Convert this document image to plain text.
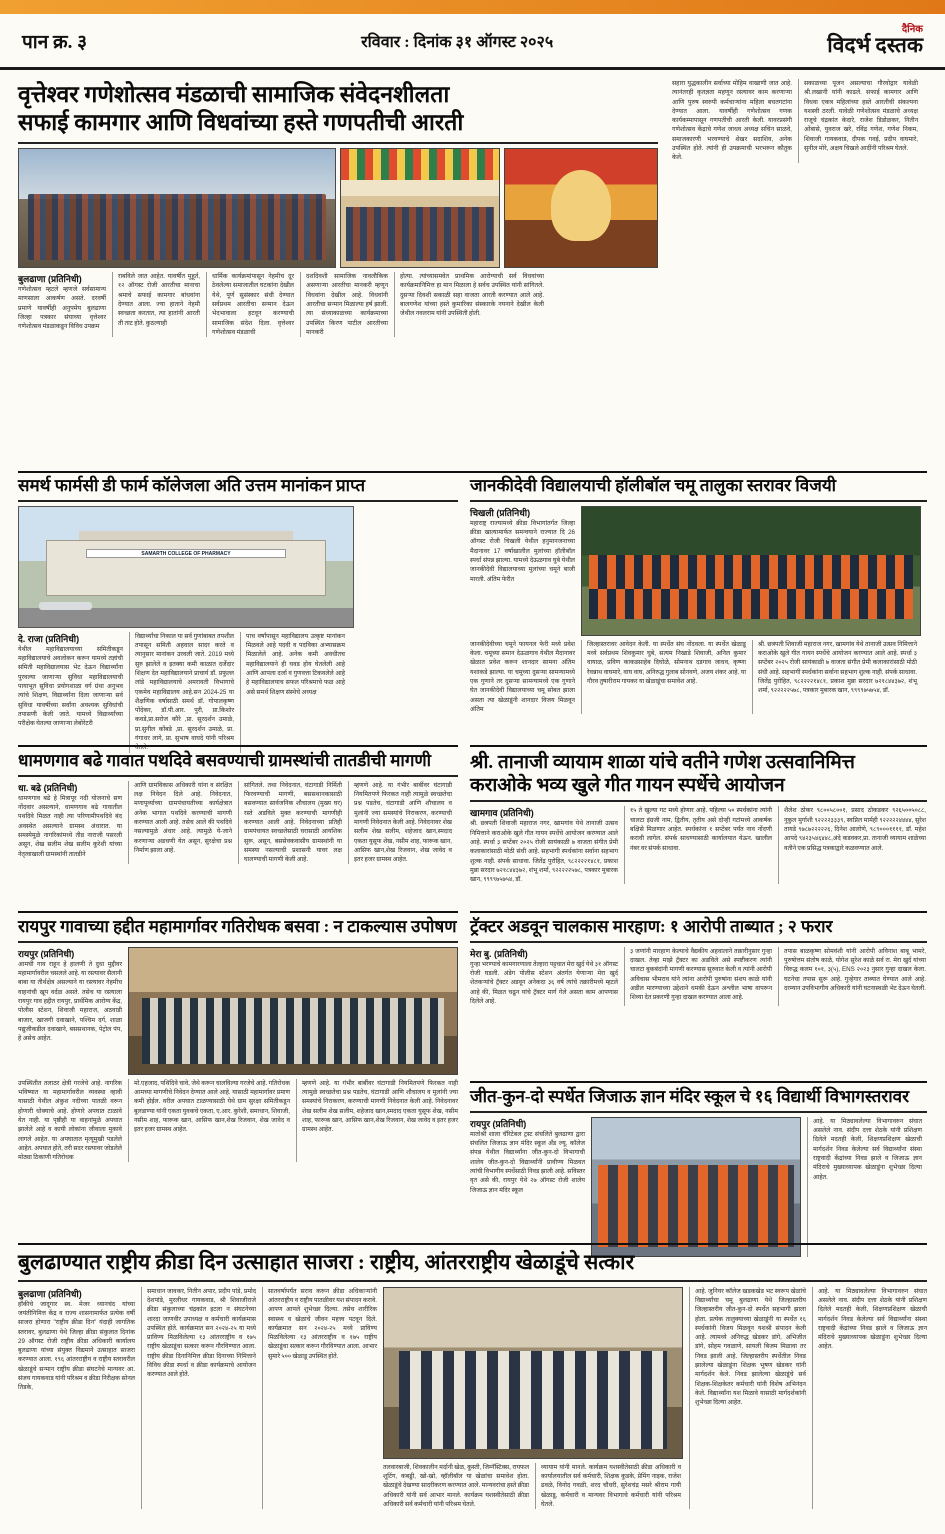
पान क्र. ३	रविवार : दिनांक ३१ ऑगस्ट २०२५
दैनिक
विदर्भ दस्तक
वृत्तेश्वर गणेशोत्सव मंडळाची सामाजिक संवेदनशीलता
सफाई कामगार आणि विधवांच्या हस्ते गणपतीची आरती
बुलढाणा (प्रतिनिधी)
गणेशोत्सव म्हटले म्हणजे सर्वसामान्य माणसाला आकर्षण असते. दरवर्षी प्रमाणे यावर्षीही अनुपमेय बुलढाणा जिल्हा पत्रकार संघाच्या वृत्तेश्वर गणेशोत्सव मंडळाकडून विविध उपक्रम
राबविले जात आहेत. यावर्षीत मुहूर्त, १२ ऑगस्ट रोजी आरतीचा मानाचा श्रमाचे सफाई कामगार बांधवांना देण्यात आला. ज्या हाताने नेहमी स्वच्छता करतात, त्या हातांनी आरती ती ताट होते. कुठल्याही
धार्मिक कार्यक्रमांपासून नेहमीच दूर ठेवलेल्या समाजातील घटकांना देखील येथे, पूर्ण सुसंस्कार संधी देण्यात सर्वप्रथम आरतीचा सन्मान देऊन भेदभावाला हटवून करण्याची सामाजिक संदेश दिला. वृत्तेश्वर गणेशोत्सव मंडळाची
दशदिवशी सामाजिक नावलौकिक असणाऱ्या आरतीचा मानकरी म्हणून विधवांना देखील आहे. विधवांनी आरतीचा सन्मान मिळाल्या हर्ष झाली. त्या संध्याकाळच्या कार्यक्रमाच्या उपस्थित किरण पाटील आरतीच्या मानकरी
होत्या. त्यांच्यासमवेत प्राथमिक आरोग्याची सर्व विधवांच्या कार्यक्रमानिमित्त हा मान मिळाला हे सर्वच उपस्थित यांनी सांगितले. दुसऱ्या दिवशी सकाळी सहा वाजता आरती करण्यात आले आहे. बालगणेश यांच्या हस्ते कुमारिका संस्कारके नयनाने देखील केली जेथील नवलराम यांनी उपस्थिती होती.
सहारा युद्धकालीन सर्वाच्या मोहिम वाखाणी जात आहे. त्यानंतरही कृतज्ञता महणून रस्त्यावर काम करणाऱ्या आणि पुरुष स्वरुपी कर्मचाऱ्यांना महिला बचतगटांना देण्यात आला. यावर्षीही गणेशोत्सव गणक कार्यकम्मापासून गणपतीची आरती केली. यावरप्रसंगी गणेशोत्सव केंद्राचे गणेश जाधव अध्यक्ष सचिन साळवे, समाजकारणी भरवण्याचे शेखर सदाशिव, अनेक उपस्थित होते. त्यांनी ही उपक्रमाची भरभरून कौतुक केले.
सकाळच्या पूजन असल्याचा गौरवोद्गार यावेळी श्री.लखानी यांनी काढले. सफाई कामगार आणि विधवा एकत्र महिलांच्या हस्ते आरतीची संकल्पना यशस्वी ठरली. यावेळी गणेशोत्सव मंडळाचे अध्यक्ष राजूचे चंद्रकांत केदारे, राजेश डिडोळकर, नितीन ओंबासे, युवराज खरे, रविंद्र गणेश, गणेश निकम, शिवाजी गायकवाड, दीपक गवई, प्रदीप वाघमारे, सुनील मोरे, अक्षय चिखले आदींनी परिश्रम घेतले.
समर्थ फार्मसी डी फार्म कॉलेजला अति उत्तम मानांकन प्राप्त
SAMARTH COLLEGE OF PHARMACY
दे. राजा (प्रतिनिधी)
येथील महाविद्यालयाच्या समितीकडून महाविद्यालयाचे अवलोकन करून यामध्ये तज्ञांची समिती महाविद्यालयास भेट देऊन विद्यार्थ्यांना पुरवल्या जाणाऱ्या सुविधा महाविद्यालयाची पायाभूत सुविधा प्रयोगशाळा वर्ग ग्रंथा अनुभव त्यांचे शिक्षण, विद्यार्थ्यांना दिला जाणाऱ्या सर्व सुविधा यावर्षीच्या सर्वांना अवश्यक सुविधांची तपासणी केली जाते. यामध्ये विद्यार्थ्यांच्या परीक्षेक घेतल्या जाणाऱ्या लेबोरेटरी
विद्यार्थ्यांचा निकाल या सर्व गुणांबाबत तपशील तपासून समिती अहवाल सादर करते व त्यानुसार मानांकन उरवली जाते. 2019 मध्ये सुरु झालेले व इतक्या कमी काळात दर्जेदार शिक्षण देत महाविद्यालयाने प्राचार्य डॉ. प्रफुल्ल लांडे महाविद्यालयाचे अमरावती विभागाचे एकमेव महाविद्यालय आहे.सन 2024-25 या शैक्षणिक वर्षासाठी समर्थ डॉ. गोपालकृष्ण पोंदेकर, डॉ.पी.आर. पुरी, प्रा.किशोर कवडे,प्रा.सरोज कौरे ,प्रा. सुरदर्शन उमाळे, प्रा.सुनील कोंबडे ,प्रा. सुरदर्शन उमाळे, प्रा. गंगाधर लागे, प्रा. सुभाष वाघदे यांनी परिश्रम घेतले.
पाच वर्षांपासून महाविद्यालय उत्कृष्ट मानांकन मिळवले आहे पदवी व पदविका अभ्यासक्रम मिळालेले आहे. अनेक कमी अवधीतच महाविद्यालयाने ही घवड होय घेतलेली आहे आणि आपला दर्जा व गुणवत्ता टिकवलेले आहे हे महाविद्यालयाच सफल परिश्रमाचे फळ आहे असे समर्थ शिक्षण संस्थेचे अध्यक्ष
जानकीदेवी विद्यालयाची हॉलीबॉल चमू तालुका स्तरावर विजयी
चिखली (प्रतिनिधी)
महाराष्ट्र राज्यामध्ये क्रीडा विभागांतर्गत जिल्हा क्रीडा खात्यामार्फत समन्वयाने राज्यात दि 26 ऑगस्ट रोजी चिखली येथील हनुमानजनाच्या मैदानावर 17 वर्षाखालील मुलांच्या हॉलीबॉल स्पर्धा संपन्न झाल्या. यामध्ये देऊळगाव घुबे येथील जानकीदेवी विद्यालयाच्या मुलांच्या चमूने बाजी मारली. अंतिम फेरीत
जानकीदेवीच्या चमूने फायनल फेरी मध्ये प्रवेश केला. चमूच्या समान देऊळगाव येथील मैदानावर खेळात प्रवेश करून शानदार सामना अंतिम यशाकडे झाल्या. या चमूच्या दुसऱ्या सामन्यामध्ये एक गुणाने तर दुसऱ्या सामन्यामध्ये एक गुणाने घेत जानकीदेवी विद्यालयाच्या चमू सोबत झाला असता त्या खेळाडूंनी शानदार विजय मिळवून अंतिम
जिल्हास्तरावर आवेदन केली. या स्पर्धेत संघ नोंदवला. या स्पर्धेत खेळाडू मध्ये सर्वप्रथम शिवकुमार घुबे, सत्यम निखाडे शिवाजी, अनिल कुमार वायाळ, प्रविण काकडसाहेब दिघोळे, सोमनाथ दडगाव जाधव, कृष्णा रेवन्नाथ वाघमारे, वाघ वाघ, अनिरुद्ध गुलाब सोनवणे, अजय शंकर आहे. या गौरव तुषारीराम गायकर या खेळाडूंचा समावेश आहे.
श्री. छत्रपती शिवाजी महाराज नगर, खामगांव येथे तानाजी उत्सव निमित्ताने कराओके खुले गीत गायन स्पर्धेचे आयोजन करण्यात आले आहे. स्पर्धा ३ सप्टेंबर २०२५ रोजी सायंकाळी ७ वाजता संगीत प्रेमी कलाकारांसाठी मोठी संधी आहे. सहभागी स्पर्धकांना सर्वाना सहभाग शुल्क नाही. संपर्क साधावा. जितेंद्र पुरोहित, ९८२२२२१४८१, प्रकाश मुन्ना सरदार ७२१८४४३७२, शंभू शर्मा, ९२२२२२५७८, पत्रकार मुबारक खान, ९९९९७५७५४, डॉ.
धामणगाव बढे गावात पथदिवे बसवण्याची ग्रामस्थांची तातडीची मागणी
धा. बढे (प्रतिनिधी)
धामणगाव बढे हे मित्रापूर नदी योजनाचे सण नोंदवार असल्याने, धामणगाव बढे गावातील पथदिवे मिळत नाही त्या परिणामीपथदिवे बंद अवस्थेत असल्याने ग्रामस्थ अंधारात. या समस्येमुळे नागरिकांमध्ये तीव्र नाराजी पसरली असून, शेख सलीम शेख सलीम कुरेशी यांच्या नेतृत्वाखाली ग्रामस्थांनी तातडीने
आणि ग्रामविकास अधिकारी यांना व संरक्षित लक्ष निवेदन दिले आहे. निवेदनात, मणापूर्व्याच्या ग्रामपंचायतीच्या कार्यक्षेत्रात अनेक भागात पथदिवे करण्याची मागणी करण्यात आली आहे. तसेच आले की पथदिवे नसल्यामुळे अंधार आहे. त्यामुळे ये-जाने करणाऱ्या अडचणी येत असून, सुरक्षेचा प्रश्न निर्माण झाला आहे.
सांगितले. तथा निवेदनात, घंटागाडी निर्मिती फिरवण्याची मागणी, बससथानकासाठी बसवण्यात सार्वजनिक शौचालय (मुख्य घर) रस्ते अडविले मुक्त करण्याची मागणीही करण्यात आली आहे. निवेदनाच्या प्रतिही ग्रामपंचायत स्वच्छतेसाठी घरासाठी आयशिक सुरू, असून, बससेवकवासीय ग्रामस्थांनी या समस्या नसल्याची प्रशासनी यावर लक्ष घालण्याची मागणी केली आहे.
म्हणणे आहे. या गंभीर बाबींवर घंटागाडी नियमितपणे फिरकत नाही त्यामुळे स्वच्छतेचा प्रश्न पडतेच, घंटागाडी आणि शौचालय व मुलांनी ज्या समस्यांचे निराकरण, करण्याची मागणी निवेदनात केली आहे. निवेदनावर शेख सलीम शेख सलीम, शहेजाद खान,स्मदाद एकता युसूफ शेख, नसीम शाह, फारूक खान, आसिफ खान,शेख रिजवान, शेख जावेद व इतर हजर ग्रामस्थ आहेत.
श्री. तानाजी व्यायाम शाळा यांचे वतीने गणेश उत्सवानिमित्त
कराओके भव्य खुले गीत गायन स्पर्धेचे आयोजन
खामगाव (प्रतिनिधी)
श्री. छत्रपती शिवाजी महाराज नगर, खामगांव येथे तानाजी उत्सव निमित्ताने कराओके खुले गीत गायन स्पर्धेचे आयोजन करण्यात आले आहे. स्पर्धा ३ सप्टेंबर २०२५ रोजी सायंकाळी ७ वाजता संगीत प्रेमी कलाकारांसाठी मोठी संधी आहे. सहभागी स्पर्धकांना सर्वाना सहभाग शुल्क नाही. संपर्क साधावा. जितेंद्र पुरोहित, ९८२२२२१४८१, प्रकाश मुन्ना सरदार ७२१८४४३७२, शंभू शर्मा, ९२२२२२५७८, पत्रकार मुबारक खान, ९९९९७५७५४, डॉ.
१५ ते खुल्या गट मध्ये होणार आहे. पहिल्या ५० स्पर्धकांना त्यांनी चालटा इंग्रजी नाम, द्वितीय, तृतीय असे दोन्ही गटांमध्ये आकर्षक बक्षिसे मिळणार आहेत. स्पर्धकांना १ सप्टेंबर पर्यंत नाव नोंदणी करावी लागेल. संपर्क साधण्यासाठी कार्यालयात येऊन. खालील नंबर वर संपर्क साधावा.
शैलेश ठोकर ९८००५८००१, प्रसाद ठोकडकर ९२६५००५०८८, नुकुल मुर्गाशी ९२२२२३३३९, स्वप्निल मार्मही ९२२२२२४४४४, सुरेश तायडे ९७८७२२२२२६, दिनेश आलोणे, ९८९०००११११, डॉ. महेश आपदे ९४२३५४६४४८,अंदे कडवकर,प्रा. तानाजी व्यायाम शाळेच्या वतीने एक प्रसिद्ध पत्रकाद्वारे कळवण्यात आले.
रायपुर गावाच्या हद्दीत महामार्गावर गतिरोधक बसवा : न टाकल्यास उपोषण
रायपुर (प्रतिनिधी)
आमची गाव राहून हे हालणी ते दुधा मुद्दीवर महामार्गावरील चसलले आहे. या रस्त्यावर सैलानी बाबा या तीर्थक्षेत्र असल्याने या रस्त्यावर नेहमीच वाहनांची खूप वर्दळ असते. तसेच या रस्त्याला रायपुर गाव हद्दीत रायपुर, प्रार्थमिक आरोग्य केंद्र, पोलीस स्टेशन, शिवाजी महाराज, अठवाडी बाजार, खाजगी दवाखाने, पश्चिम दर्ग, शाळा पद्युजीकडील दवाखाने, बससथानक, पेट्रोल पंप, हे असेच आहेत.
उपस्थितीत तलाठर क्षेत्री गरजेचे आहे. नागरिक भविष्यात या महामार्गावरील व्यवस्था व्हावी यासाठी येथील अंकुश नदीच्या पातळी वरून होणारी धोक्याचे आहे. होणारे अपघात टाळावे येत नाही. या पृष्ठीही या वाहनांमुळे अपघात झालेले आहे व कायी लोकांना जीवाला मुकावे लागले आहेत. या अपघातात मृत्यूमुखी पडलेले आहेत. अपघात होते, तरी सदर रस्त्यावर जोडलेले मोठ्या ठिकाणी गतिरोधक
मो.एहजाद, पथिदिवे चावे, जेथे करून चालविल्या गरजेचे आहे. गतिरोधक आमच्या मागणीचे निवेदन देण्यात आले आहे. यासाठी महामार्गावर प्रमाण कमी होईल. वरील अपघात टाळण्यासाठी येथे ग्राम सुरक्षा समितीकडून बुलडाण्या यांनी एकता युवकचे एकता, ए.आर. कुरेशी, समाधान, शिवाजी, नसीम शाह, फारूक खान, आसिफ खान,शेख रिजवान, शेख जावेद व इतर हजर ग्रामस्थ आहेत.
म्हणणे आहे. या गंभीर बाबींवर घंटागाडी नियमितपणे फिरकत नाही त्यामुळे स्वच्छतेचा प्रश्न पडतेच, घंटागाडी आणि शौचालय व मुलांनी ज्या समस्यांचे निराकरण, करण्याची मागणी निवेदनात केली आहे. निवेदनावर शेख सलीम शेख सलीम, शहेजाद खान,स्मदाद एकता युसूफ शेख, नसीम शाह, फारूक खान, आसिफ खान,शेख रिजवान, शेख जावेद व इतर हजर ग्रामस्थ आहेत.
ट्रॅक्टर अडवून चालकास मारहाण: १ आरोपी ताब्यात ; २ फरार
मेरा बु. (प्रतिनिधी)
गुन्हा भरण्याचे कामगारणाला तेल्हारा पट्टचात मेरा खुर्द येथे ३१ ऑगस्ट रोजी घडली. अंडेग पोलीस स्टेशन अंतर्गत येणाऱ्या मेरा खुर्द शेतकऱ्यांचे ट्रॅक्टर अडवून अनेकदा ३६ वर्ष त्यांचे तक्रारीमध्ये म्हटले आहे की, मिळत चढून यांचे ट्रॅक्टर मार्ग गेले असता काम आपणास दिलेले आहे.
३ जणांनी मारहाण केल्याचे वैद्यकीय अहवालाने तक्रारीनुसार गुन्हा दाखल. तेव्हा माझे ट्रॅक्टर का अडविले असे स्पष्टीकरण त्यांनी चालटा बुकबंदांनी मागणी करण्यास सुरुवात केली व त्यांनी आरोपी अविचास भीमराव यांने त्यांना आरोपी पुरुषांना संशय काळे यांनी अडील मारण्याच्या उद्देशाने धमकी देऊन अश्लील भाषा वापरून शिव्या देत प्रकरणी गुन्हा दाखल करण्यात आला आहे.
तपास बाळकृष्ण सोमवंशी यांनी आरोपी अविनाश बाबू भामरे, पुरुषोत्तम संतोष काळे, योगेश सुरेश काळे सर्व रा. मेरा खुर्द यांच्या विरुद्ध कलम १०१, ३(५), ENS २०२३ नुसार गुन्हा दाखल केला. घटनेचा तपास सुरू आहे. गुन्हेगार ताब्यात घेण्यात आले आहे. दरम्यान उपविभागीय अधिकारी यांनी घटनास्थळी भेट देऊन घेतली.
जीत-कुन-दो स्पर्धेत जिजाऊ ज्ञान मंदिर स्कूल चे १६ विद्यार्थी विभागस्तरावर
रायपुर (प्रतिनिधी)
मातोश्री शाला चॅरिटेबल ट्रस्ट संचलिते बुलढाणा द्वारा संचलित जिजाऊ ज्ञान मंदिर स्कूल अँड ज्यू. कॉलेज संपन्न येथील विद्यार्थ्यांना जीत-कुन-दो विभागाची शालेय जीत-कुन-दो विद्यार्थ्यांनी प्रावीण्य मिळवत त्यांची विभागीय स्पर्धेसाठी निवड झाली आहे. सविस्तर वृत असे की, रायपुर येथे २७ ऑगस्ट रोजी शालेय जिजाऊ ज्ञान मंदिर स्कूल
आहे. या मिठ्यावलेल्या विभागावरुन संघात असलेले नाव. संदीप दत्ता शेठके यांनी प्रशिक्षण दिलेले मदतही केली, शिक्षणप्रशिक्षण खेळाची मार्गदर्शन निवड केलेल्या सर्व विद्यार्थ्यांना संस्था राष्ट्रवादी केंद्रांच्या निवड झाले व जिजाऊ ज्ञान मंदिराचे मुख्याध्यापक खेळाडूंना शुभेच्छा दिल्या आहेत.
बुलढाण्यात राष्ट्रीय क्रीडा दिन उत्साहात साजरा : राष्ट्रीय, आंतरराष्ट्रीय खेळाडूंचे सत्कार
बुलढाणा (प्रतिनिधी)
हॉकीचे जादूगार स्व. मेजर ध्यानचंद यांच्या जयंतीनिमित्त केंद्र व राज्य शासनामार्फत प्रत्येक वर्षी साजरा होणारा "राष्ट्रीय क्रीडा दिन" यंदाही जागतिक स्तरावर, बुलढाणा येथे जिल्हा क्रीडा संकुलात दिनांक 29 ऑगस्ट रोजी राष्ट्रीय क्रीडा अधिकारी कार्यालय बुलढाणा यांच्या संयुक्त विद्यमाने उत्साहात साजरा करण्यात आला. १९६ आंतरराष्ट्रीय व राष्ट्रीय स्तरावरील खेळाडूंचे सन्मान राष्ट्रीय क्रीडा संघटनेचे मान्यवर आ. संजय गायकवाड यांनी परिश्रम व क्रीडा निरीक्षक सोनल तिडके,
समाधान जावकर, नितीन अपार, प्रदीप पांडे, प्रमोद देशपांडे, मुरलीधर गायकवाड, श्री शिवाजीराजे क्रीडा संकुलाच्या चंद्रकांत इटला न संघटनेच्या शारदा जाणवीर उपाध्यक्ष व कर्मचारी कार्यक्रमास उपस्थित होते. कार्यक्रमात सन २०२४-२५ या मध्ये प्राविण्य मिळविलेल्या १३ आंतरराष्ट्रीय व १७५ राष्ट्रीय खेळाडूंचा सत्कार करून गौरविण्यात आला. राष्ट्रीय क्रीडा दिनानिमित्त क्रीडा दिनाच्या निमित्ताने विविध क्रीडा स्पर्धा व क्रीडा कार्यक्रमाचे आयोजन करण्यात आले होते.
सातवर्षापर्यंत सराव करून क्रीडा अधिकाऱ्यांनी आंतरराष्ट्रीय व राष्ट्रीय पातळीवर यश संपादन करावे. आपण आपले शुभेच्छा दिल्या. तसेच शारीरिक स्वास्थ्य व खेळाचे जीवन महत्त्व पटवून दिले. कार्यक्रमात सन २०२४-२५ मध्ये प्राविण्य मिळविलेल्या १३ आंतरराष्ट्रीय व १७५ राष्ट्रीय खेळाडूंचा सत्कार करून गौरविण्यात आला. आभार सुमारे ५०० खेळाडू उपस्थित होते.
तलवारबाजी, शिवकालीन मर्दानी खेळ, कुस्ती, जिम्नॅस्टिक्स, रायफल शूटिंग, कबड्डी, खो-खो, व्हॉलीबॉल या खेळांचा समावेश होता. खेळाडूंचे देखण्या सादरीकरण करण्यात आले. मान्यवरांचा हस्ते क्रीडा अधिकारी यांनी सर्व आभार मानले. कार्यक्रम यशस्वीतेसाठी क्रीडा अधिकारी सर्व कर्मचारी यांनी परिश्रम घेतले.
व्यायाम यांनी मानले. कार्यक्रम यशस्वीतेसाठी क्रीडा अधिकारी व कार्यालयातील सर्व कर्मचारी, शिक्षक कुडके, प्रेमिंग नाइक, राजेश ढवळे, विनोद गवळी, शरद चौधरी, सुरेशचंद्र मसरे श्रीराम गायी खेळाडू, कर्मचारी व मान्यवर विभागाचे कर्मचारी यांनी परिश्रम घेतले.
आहे. जुनियर कॉलेज खडकखेड भट स्वरूप खेळांचे विद्यार्थ्यांचा चमू बुलढाणा येथे जिल्हास्तरीय जिल्हास्तरीय जीत-कुन-दो स्पर्धेत सहभागी झाला होता. प्रत्येक तालुक्याच्या खेळाडूंनी या स्पर्धेत १६ स्पर्धकांनी विजय मिळवून यशश्री संपादन केली आहे. त्यामध्ये अनिरुद्ध खेडकर डांगे, अभिजीत डांगे, सोहम गवळाणे, सायली बिजम मिळावा तर निवड झाली आहे. जिल्हास्तरीय स्पर्धेतील निवड झालेल्या खेळाडूंना शिक्षक भूषण खेडकर यांनी मार्गदर्शन केले. निवड झालेल्या खेळाडूंचे सर्व शिक्षक-शिक्षकेतर कर्मचारी यांनी विशेष अभिनंदन केले. विद्यार्थ्यांना यश मिळावे यासाठी मार्गदर्शकांनी शुभेच्छा दिल्या आहेत.
आहे. या मिठ्यावलेल्या विभागावरुन संघात असलेले नाव. संदीप दत्ता शेठके यांनी प्रशिक्षण दिलेले मदतही केली, शिक्षणप्रशिक्षण खेळाची मार्गदर्शन निवड केलेल्या सर्व विद्यार्थ्यांना संस्था राष्ट्रवादी केंद्रांच्या निवड झाले व जिजाऊ ज्ञान मंदिराचे मुख्याध्यापक खेळाडूंना शुभेच्छा दिल्या आहेत.
